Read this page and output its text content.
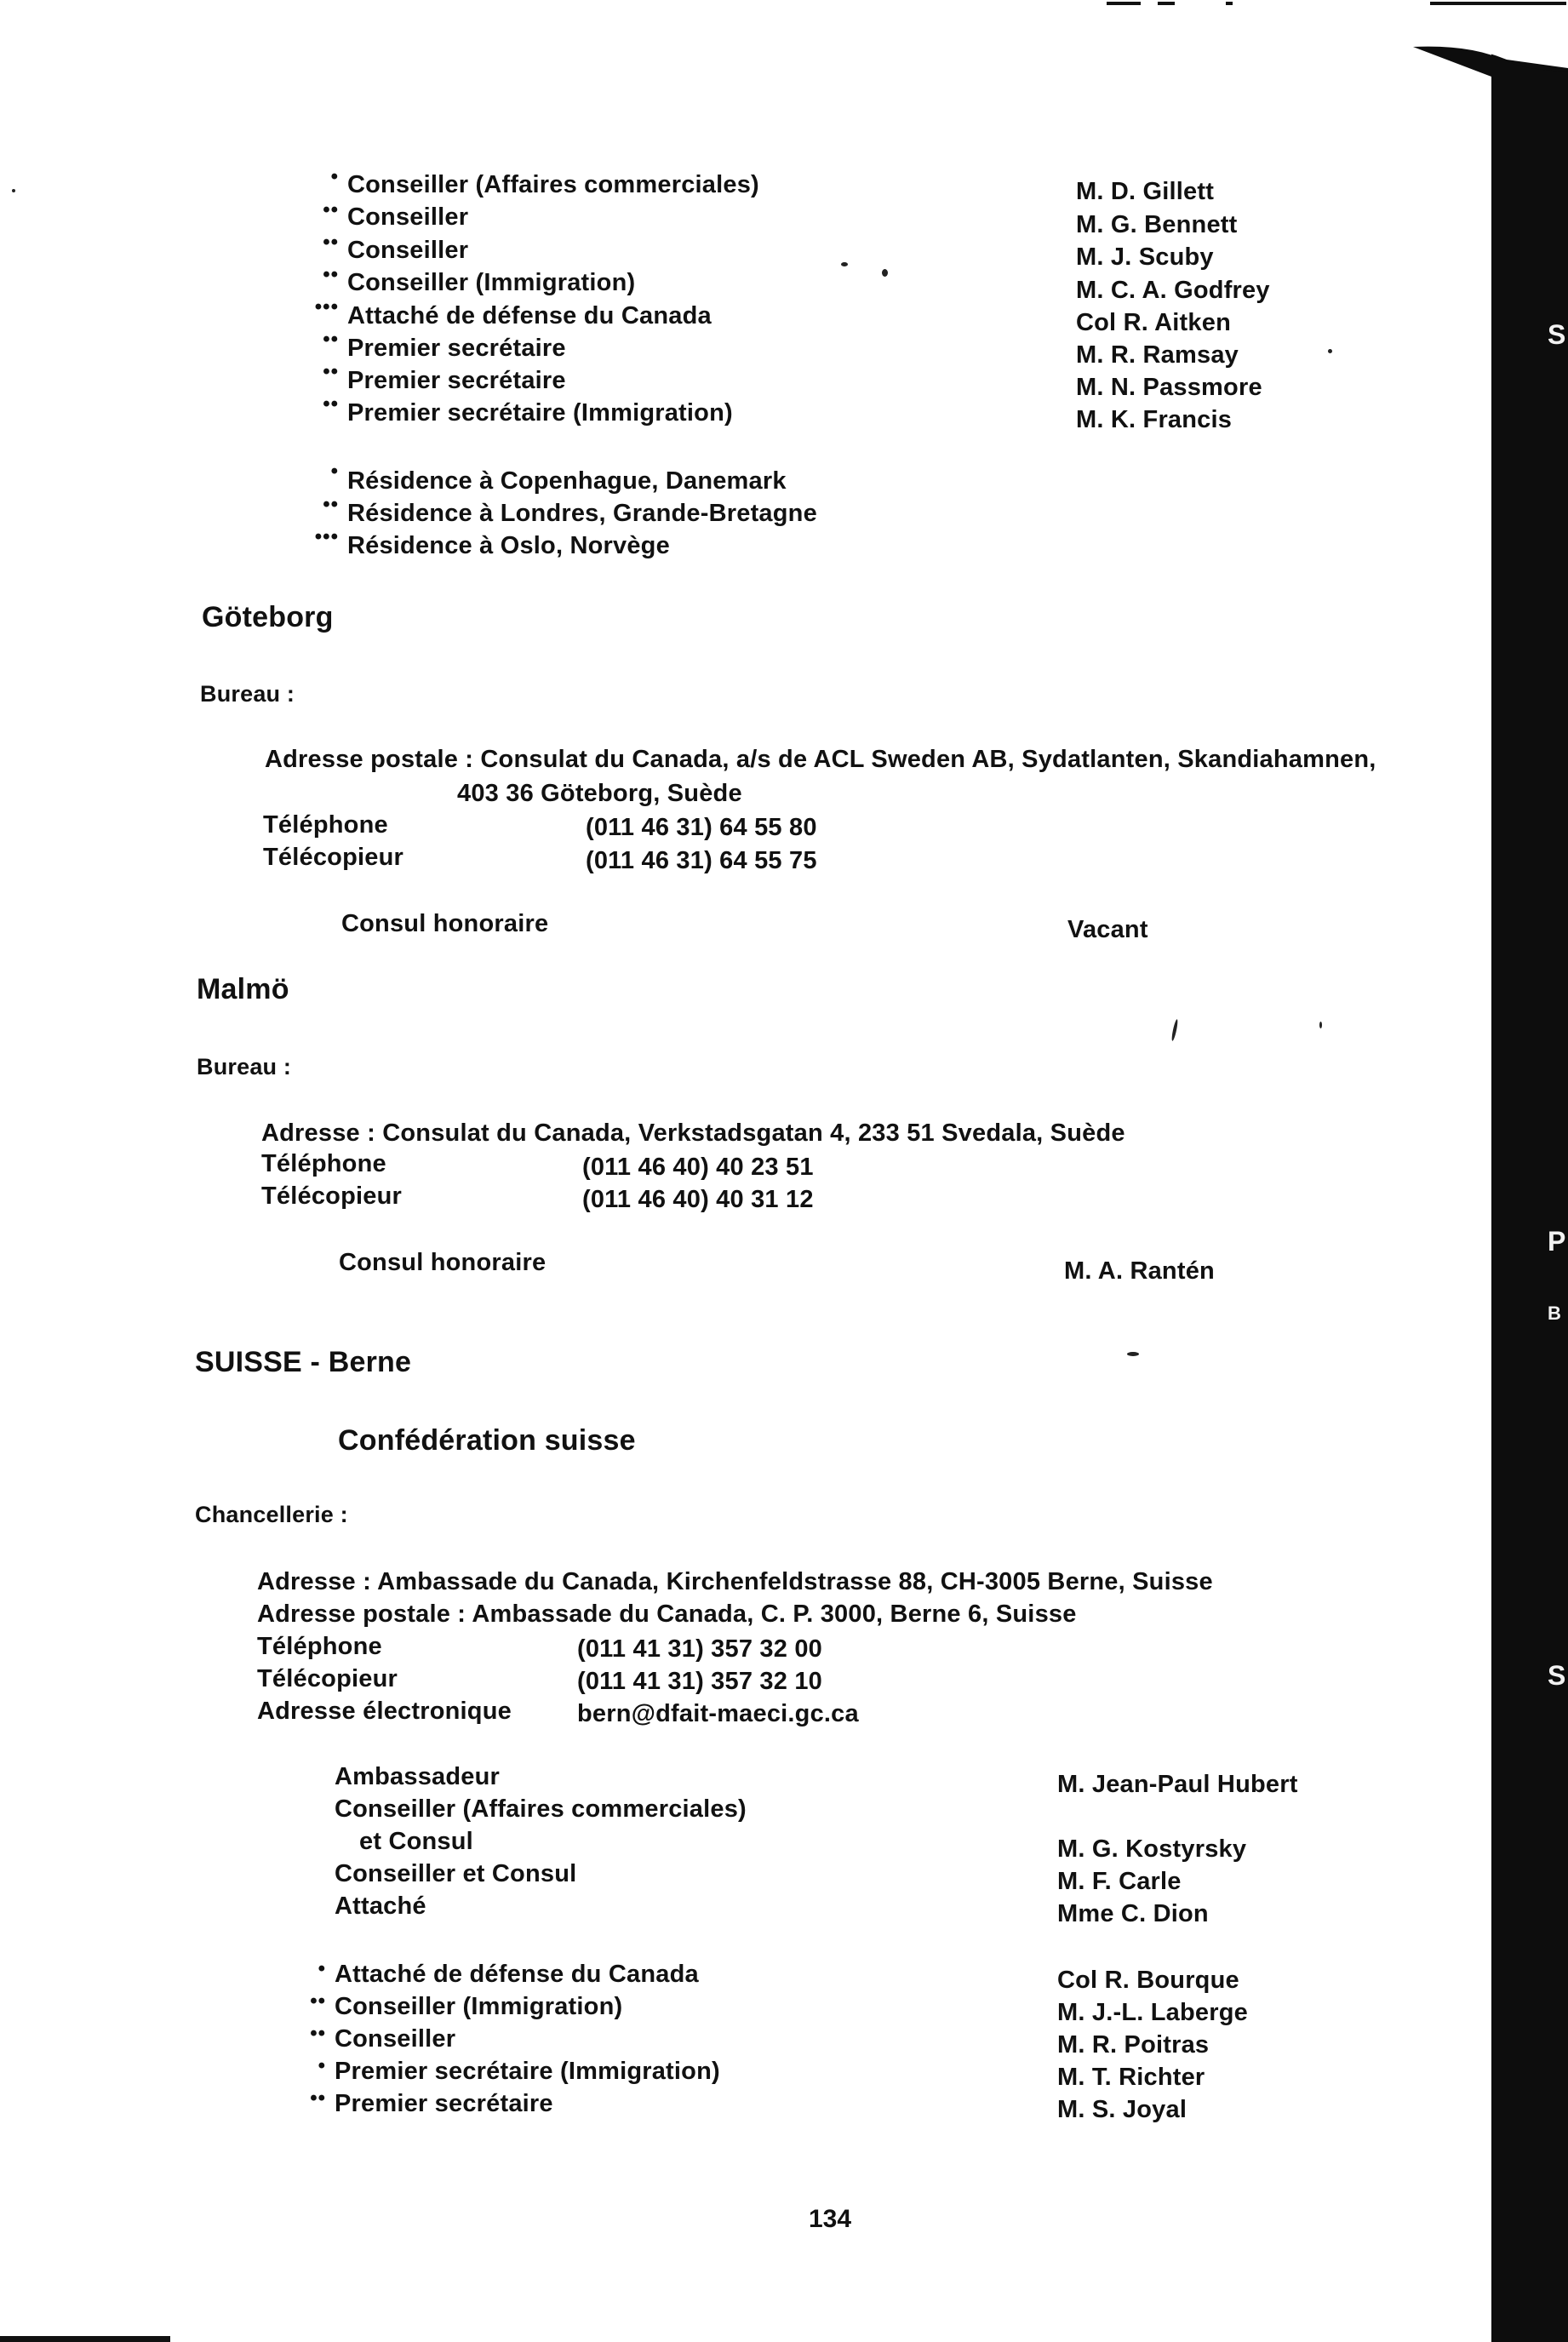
S
P
B
S
• Conseiller (Affaires commerciales)	M. D. Gillett
•• Conseiller	M. G. Bennett
•• Conseiller	M. J. Scuby
•• Conseiller (Immigration)	M. C. A. Godfrey
••• Attaché de défense du Canada	Col R. Aitken
•• Premier secrétaire	M. R. Ramsay
•• Premier secrétaire	M. N. Passmore
•• Premier secrétaire (Immigration)	M. K. Francis
• Résidence à Copenhague, Danemark
•• Résidence à Londres, Grande-Bretagne
••• Résidence à Oslo, Norvège
Göteborg
Bureau :
Adresse postale : Consulat du Canada, a/s de ACL Sweden AB, Sydatlanten, Skandiahamnen,
403 36 Göteborg, Suède
Téléphone	(011 46 31) 64 55 80
Télécopieur	(011 46 31) 64 55 75
Consul honoraire	Vacant
Malmö
Bureau :
Adresse : Consulat du Canada, Verkstadsgatan 4, 233 51 Svedala, Suède
Téléphone	(011 46 40) 40 23 51
Télécopieur	(011 46 40) 40 31 12
Consul honoraire	M. A. Rantén
SUISSE - Berne
Confédération suisse
Chancellerie :
Adresse : Ambassade du Canada, Kirchenfeldstrasse 88, CH-3005 Berne, Suisse
Adresse postale : Ambassade du Canada, C. P. 3000, Berne 6, Suisse
Téléphone	(011 41 31) 357 32 00
Télécopieur	(011 41 31) 357 32 10
Adresse électronique	bern@dfait-maeci.gc.ca
Ambassadeur	M. Jean-Paul Hubert
Conseiller (Affaires commerciales)
et Consul	M. G. Kostyrsky
Conseiller et Consul	M. F. Carle
Attaché	Mme C. Dion
• Attaché de défense du Canada	Col R. Bourque
•• Conseiller (Immigration)	M. J.-L. Laberge
•• Conseiller	M. R. Poitras
• Premier secrétaire (Immigration)	M. T. Richter
•• Premier secrétaire	M. S. Joyal
134
